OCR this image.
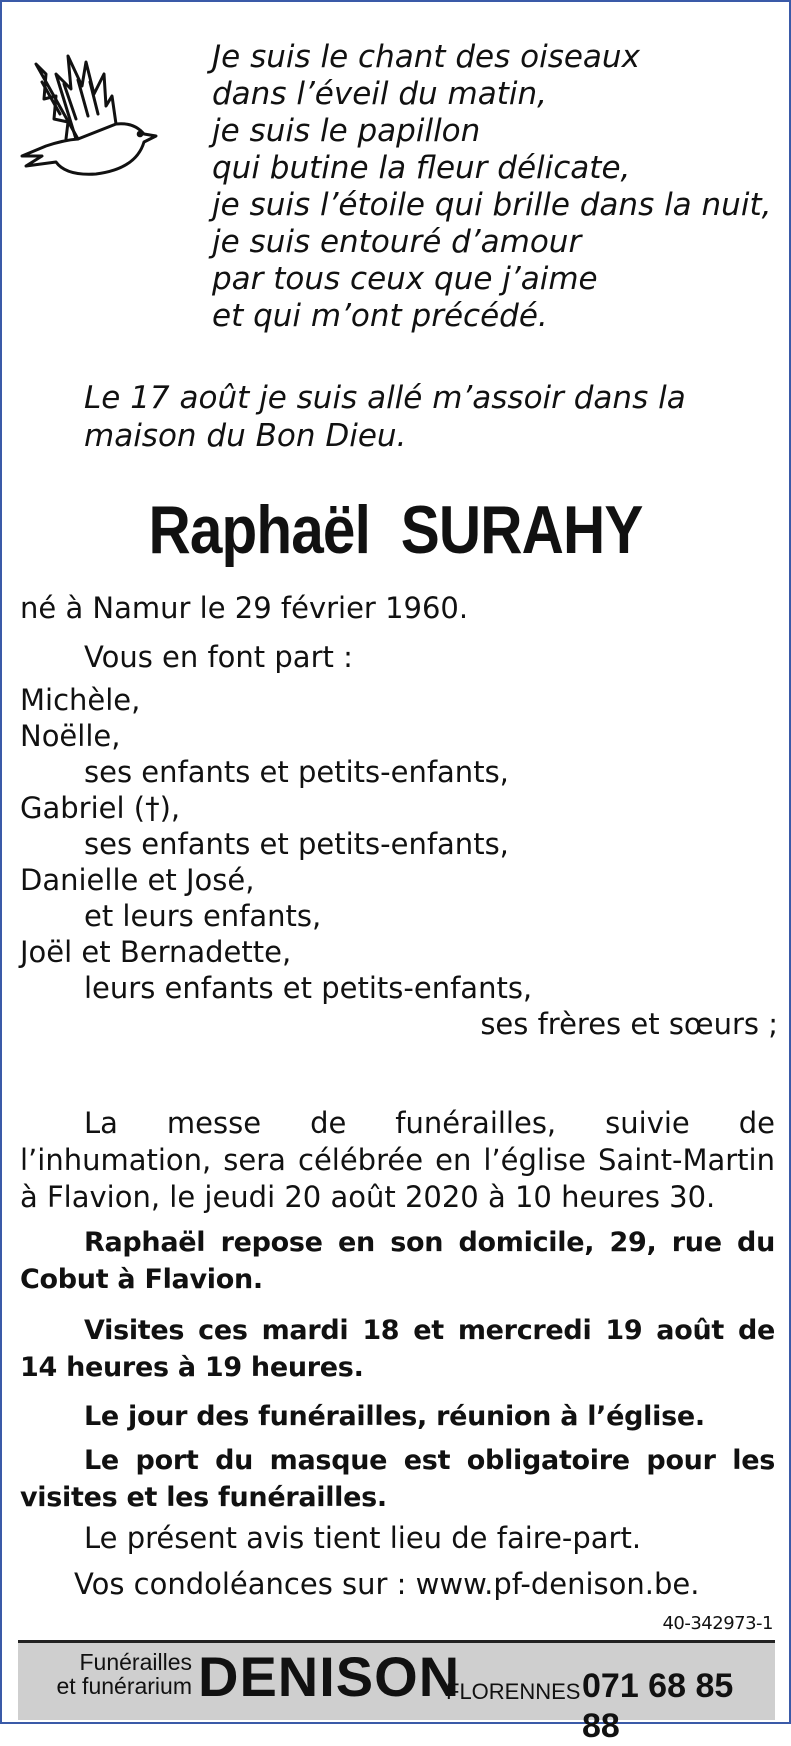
Je suis le chant des oiseaux
dans l’éveil du matin,
je suis le papillon
qui butine la fleur délicate,
je suis l’étoile qui brille dans la nuit,
je suis entouré d’amour
par tous ceux que j’aime
et qui m’ont précédé.
Le 17 août je suis allé m’assoir dans la maison du Bon Dieu.
Raphaël  SURAHY
né à Namur le 29 février 1960.
Vous en font part :
Michèle,
Noëlle,
ses enfants et petits-enfants,
Gabriel (†),
ses enfants et petits-enfants,
Danielle et José,
et leurs enfants,
Joël et Bernadette,
leurs enfants et petits-enfants,
ses frères et sœurs ;
La messe de funérailles, suivie de l’inhumation, sera célébrée en l’église Saint-Martin à Flavion, le jeudi 20 août 2020 à 10 heures 30.
Raphaël repose en son domicile, 29, rue du Cobut à Flavion.
Visites ces mardi 18 et mercredi 19 août de 14 heures à 19 heures.
Le jour des funérailles, réunion à l’église.
Le port du masque est obligatoire pour les visites et les funérailles.
Le présent avis tient lieu de faire-part.
Vos condoléances sur : www.pf-denison.be.
40-342973-1
Funérailles
et funérarium DENISON
FLORENNES 071 68 85 88
